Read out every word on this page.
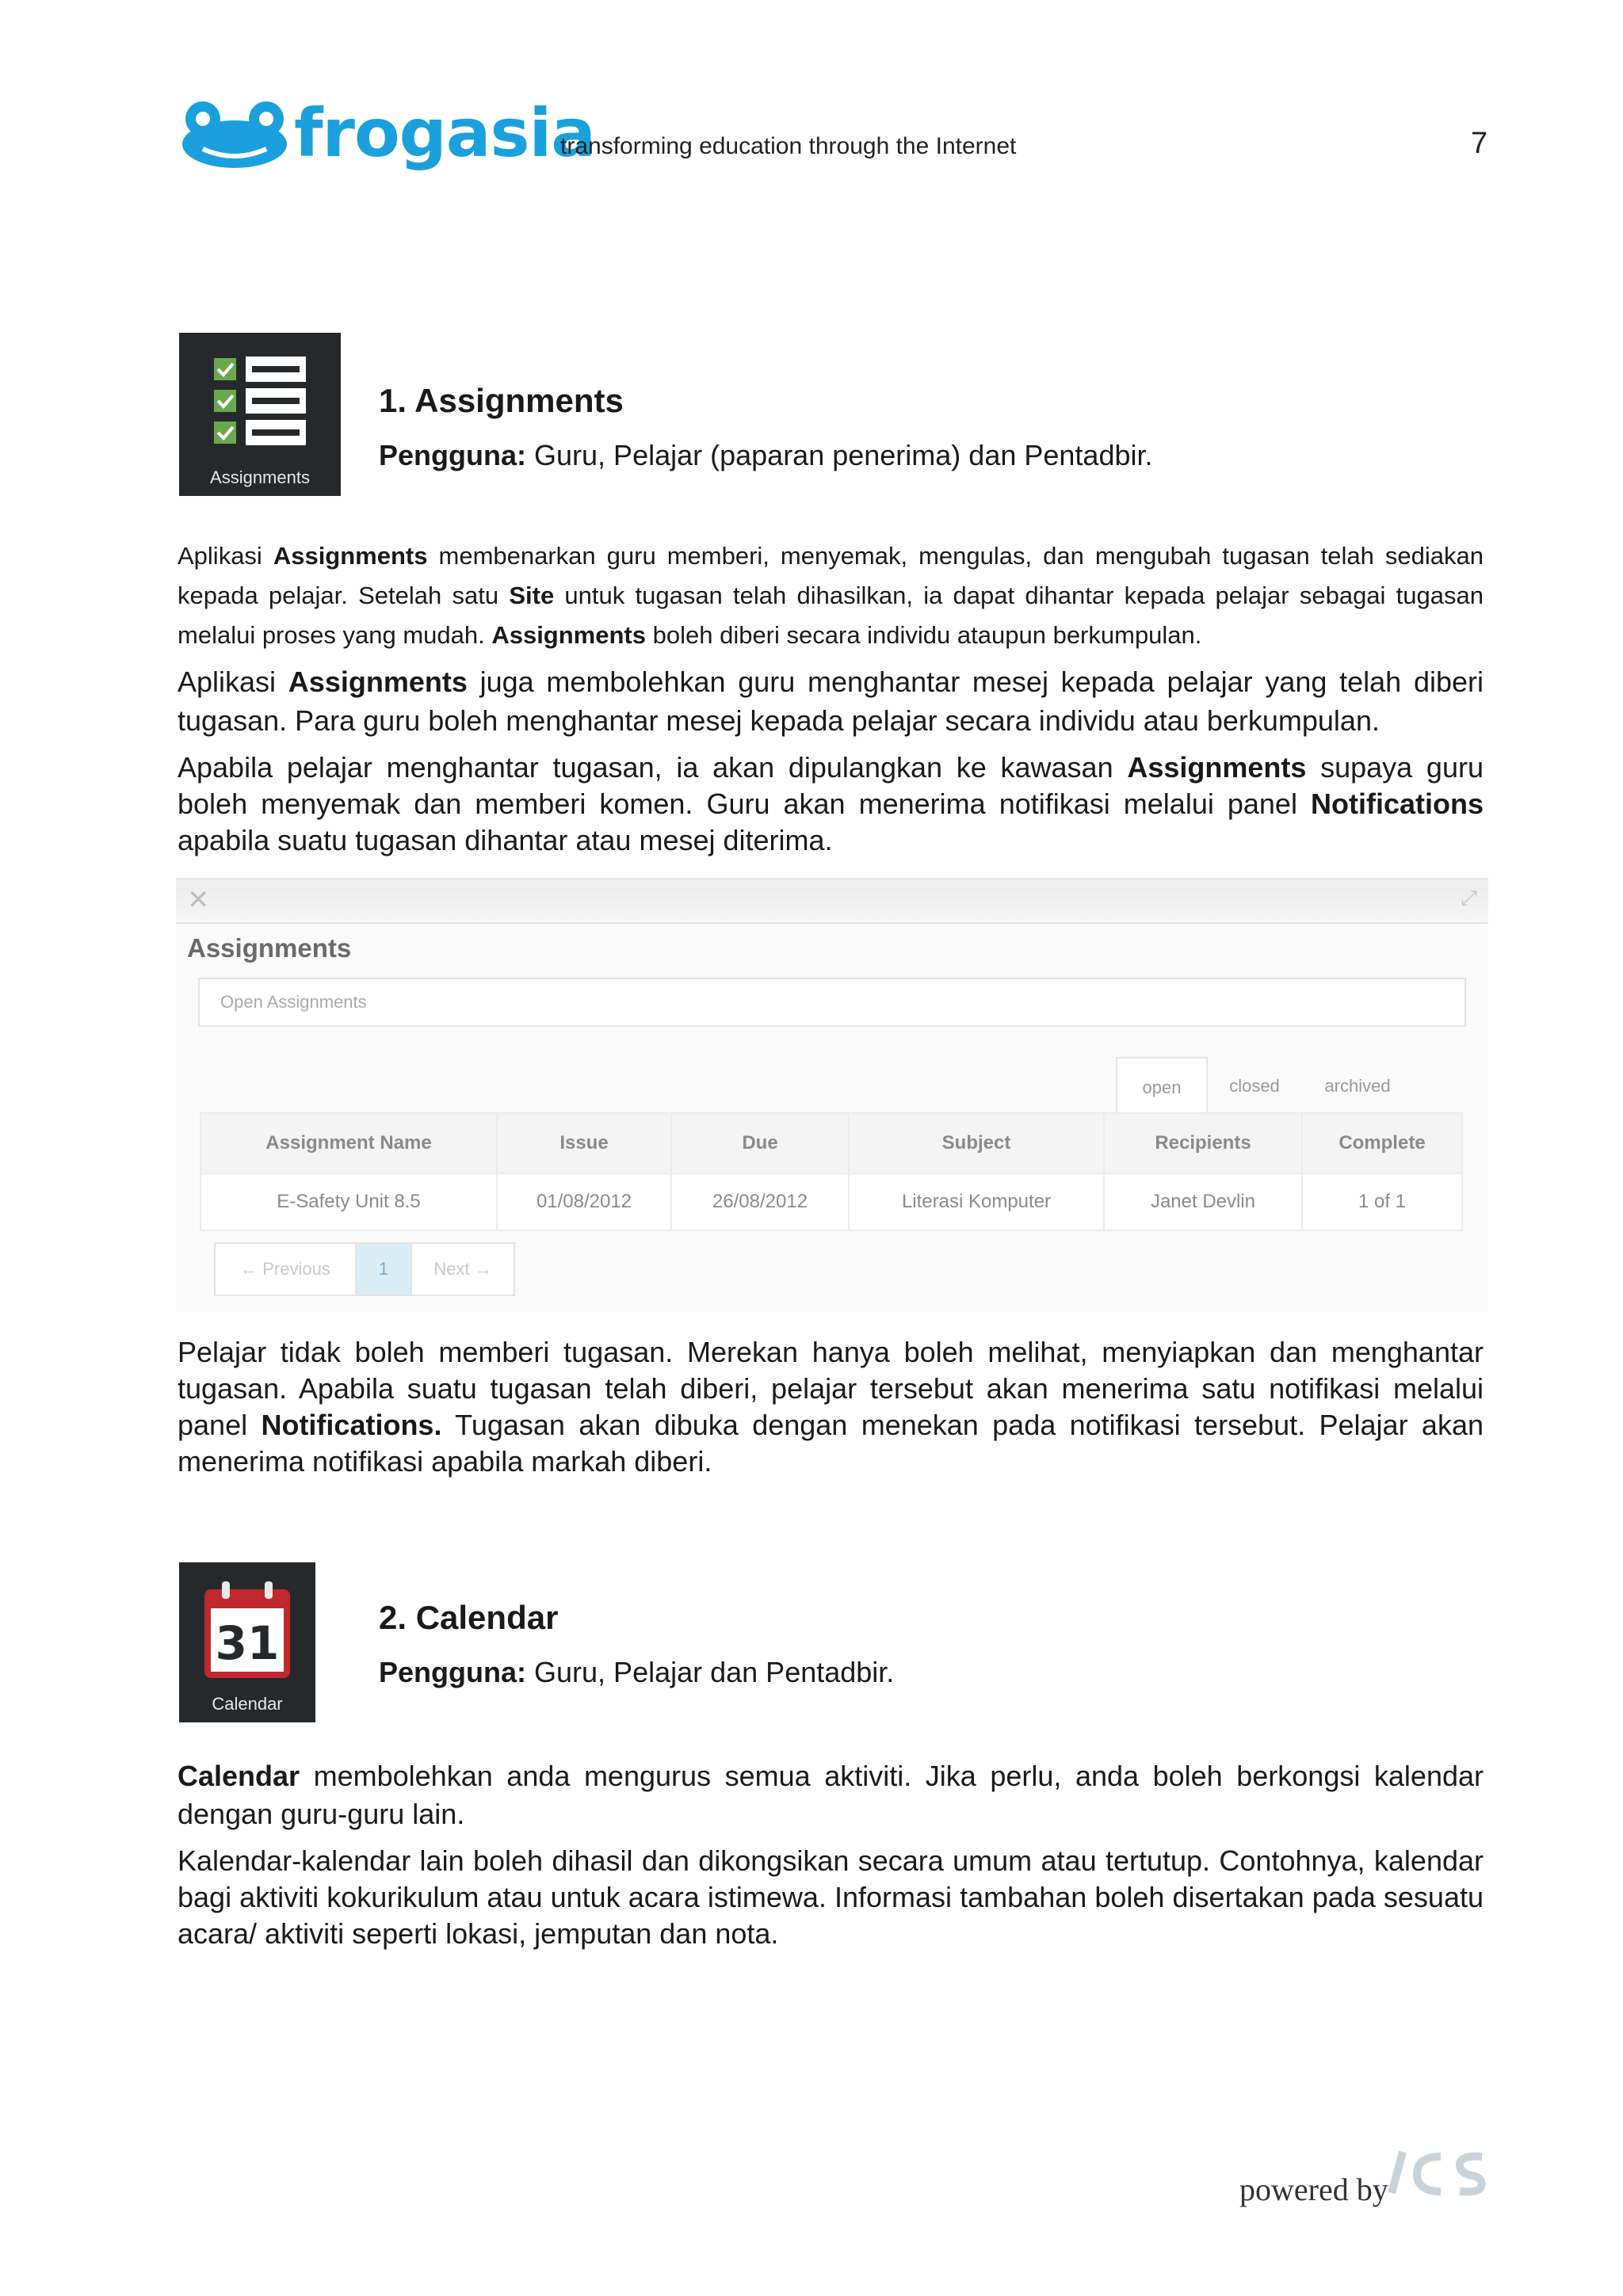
frogasia
transforming education through the Internet	7
Assignments
1. Assignments
Pengguna: Guru, Pelajar (paparan penerima) dan Pentadbir.

Aplikasi Assignments membenarkan guru memberi, menyemak, mengulas, dan mengubah tugasan telah sediakan kepada pelajar. Setelah satu Site untuk tugasan telah dihasilkan, ia dapat dihantar kepada pelajar sebagai tugasan melalui proses yang mudah. Assignments boleh diberi secara individu ataupun berkumpulan.

Aplikasi Assignments juga membolehkan guru menghantar mesej kepada pelajar yang telah diberi tugasan. Para guru boleh menghantar mesej kepada pelajar secara individu atau berkumpulan.

Apabila pelajar menghantar tugasan, ia akan dipulangkan ke kawasan Assignments supaya guru boleh menyemak dan memberi komen. Guru akan menerima notifikasi melalui panel Notifications apabila suatu tugasan dihantar atau mesej diterima.

✕	⤢
Assignments
Open Assignments
open	closed	archived
Assignment Name	Issue	Due	Subject	Recipients	Complete
E-Safety Unit 8.5	01/08/2012	26/08/2012	Literasi Komputer	Janet Devlin	1 of 1
← Previous	1	Next →

Pelajar tidak boleh memberi tugasan. Merekan hanya boleh melihat, menyiapkan dan menghantar tugasan. Apabila suatu tugasan telah diberi, pelajar tersebut akan menerima satu notifikasi melalui panel Notifications. Tugasan akan dibuka dengan menekan pada notifikasi tersebut. Pelajar akan menerima notifikasi apabila markah diberi.

31
Calendar
2. Calendar
Pengguna: Guru, Pelajar dan Pentadbir.

Calendar membolehkan anda mengurus semua aktiviti. Jika perlu, anda boleh berkongsi kalendar dengan guru-guru lain.

Kalendar-kalendar lain boleh dihasil dan dikongsikan secara umum atau tertutup. Contohnya, kalendar bagi aktiviti kokurikulum atau untuk acara istimewa. Informasi tambahan boleh disertakan pada sesuatu acara/ aktiviti seperti lokasi, jemputan dan nota.

powered by
